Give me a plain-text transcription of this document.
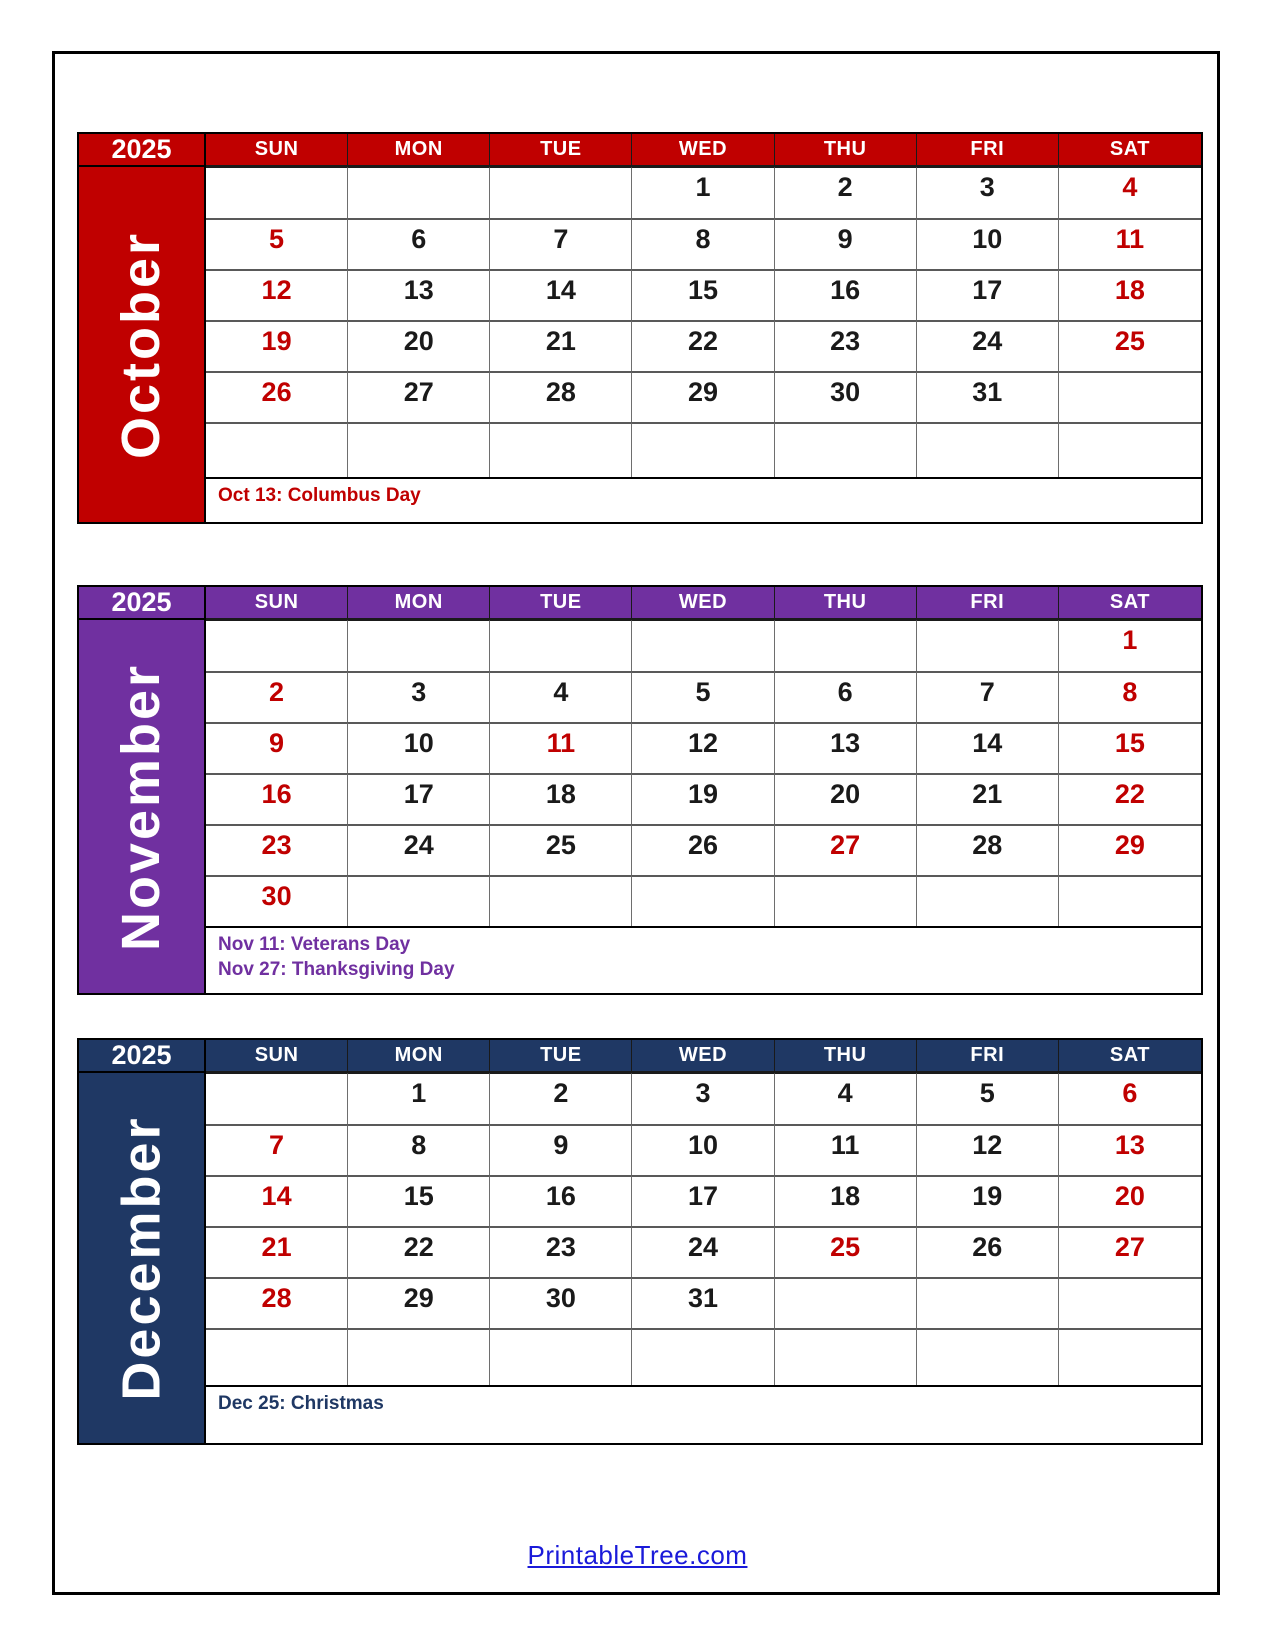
2025	SUN	MON	TUE	WED	THU	FRI	SAT

October				1	2	3	4
	5	6	7	8	9	10	11
	12	13	14	15	16	17	18
	19	20	21	22	23	24	25
	26	27	28	29	30	31	

	Oct 13: Columbus Day						
2025	SUN	MON	TUE	WED	THU	FRI	SAT

November							1
	2	3	4	5	6	7	8
	9	10	11	12	13	14	15
	16	17	18	19	20	21	22
	23	24	25	26	27	28	29
	30						

	Nov 11: Veterans Day
Nov 27: Thanksgiving Day						
2025	SUN	MON	TUE	WED	THU	FRI	SAT

December		1	2	3	4	5	6
	7	8	9	10	11	12	13
	14	15	16	17	18	19	20
	21	22	23	24	25	26	27
	28	29	30	31			

	Dec 25: Christmas						
PrintableTree.com
